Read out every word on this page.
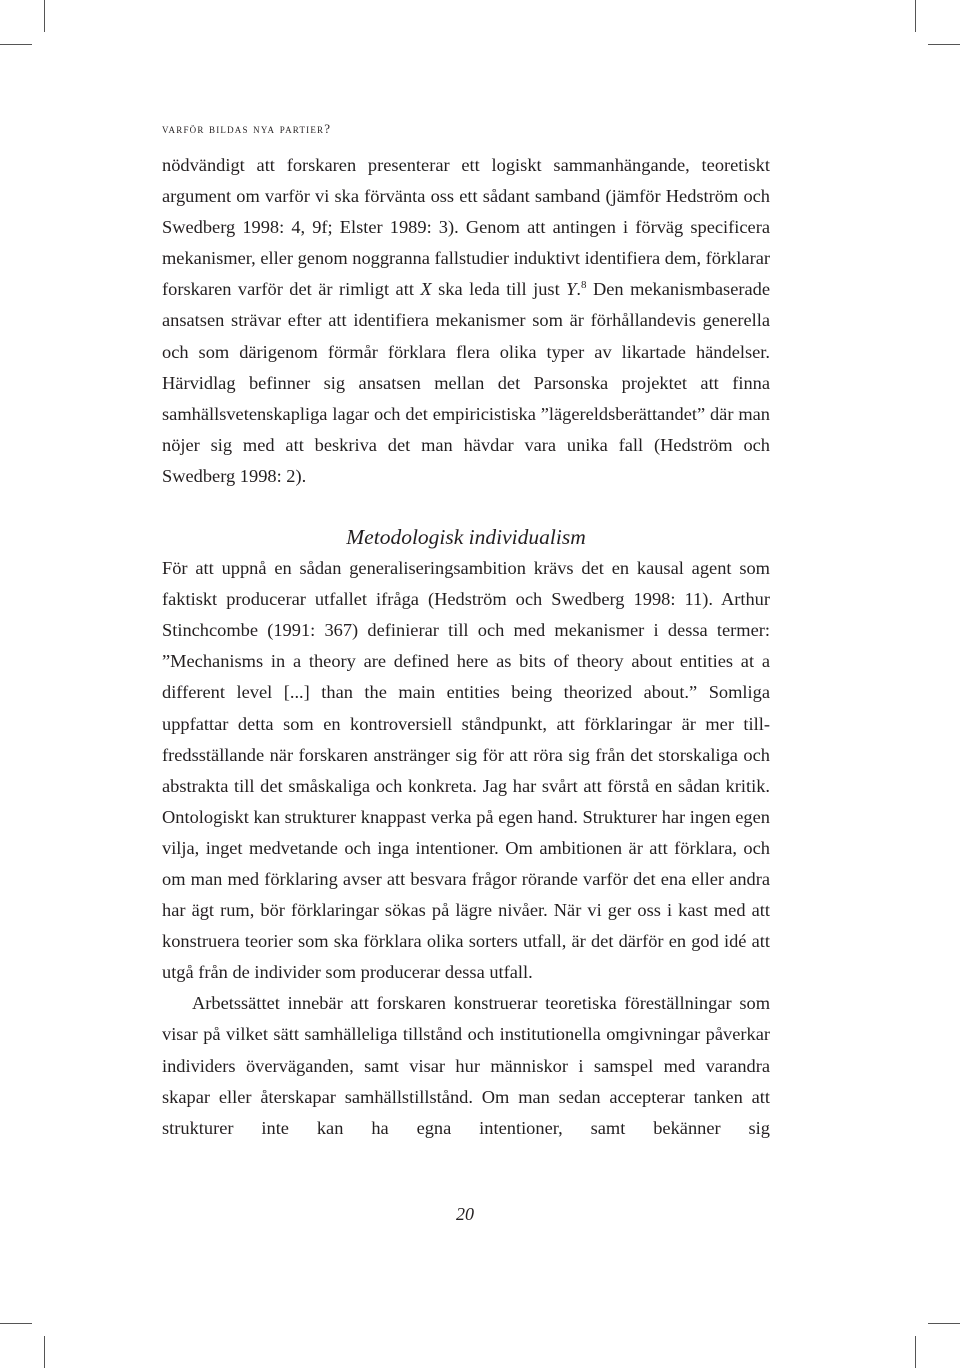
varför bildas nya partier?

nödvändigt att forskaren presenterar ett logiskt sammanhängande, teoretiskt argument om varför vi ska förvänta oss ett sådant samband (jämför Hedström och Swedberg 1998: 4, 9f; Elster 1989: 3). Genom att antingen i förväg specificera mekanismer, eller genom noggranna fallstudier induktivt identifiera dem, förklarar forskaren varför det är rimligt att X ska leda till just Y.$^8$ Den mekanismbaserade ansatsen strävar efter att identifiera mekanismer som är förhållandevis generella och som därigenom förmår förklara flera olika typer av likartade händelser. Härvidlag befinner sig ansatsen mellan det Parsonska projektet att finna samhällsvetenskapliga lagar och det empiricistiska ”lägereldsberättandet” där man nöjer sig med att beskriva det man hävdar vara unika fall (Hedström och Swedberg 1998: 2).

Metodologisk individualism

För att uppnå en sådan generaliseringsambition krävs det en kausal agent som faktiskt producerar utfallet ifråga (Hedström och Swedberg 1998: 11). Arthur Stinchcombe (1991: 367) definierar till och med mekanismer i dessa termer: ”Mechanisms in a theory are defined here as bits of theory about entities at a different level [...] than the main entities being theorized about.” Somliga uppfattar detta som en kontroversiell ståndpunkt, att förklaringar är mer tillfredsställande när forskaren anstränger sig för att röra sig från det storskaliga och abstrakta till det småskaliga och konkreta. Jag har svårt att förstå en sådan kritik. Ontologiskt kan strukturer knappast verka på egen hand. Strukturer har ingen egen vilja, inget medvetande och inga intentioner. Om ambitionen är att förklara, och om man med förklaring avser att besvara frågor rörande varför det ena eller andra har ägt rum, bör förklaringar sökas på lägre nivåer. När vi ger oss i kast med att konstruera teorier som ska förklara olika sorters utfall, är det därför en god idé att utgå från de individer som producerar dessa utfall.

Arbetssättet innebär att forskaren konstruerar teoretiska föreställningar som visar på vilket sätt samhälleliga tillstånd och institutionella omgivningar påverkar individers överväganden, samt visar hur människor i samspel med varandra skapar eller återskapar samhällstillstånd. Om man sedan accepterar tanken att strukturer inte kan ha egna intentioner, samt bekänner sig

20
